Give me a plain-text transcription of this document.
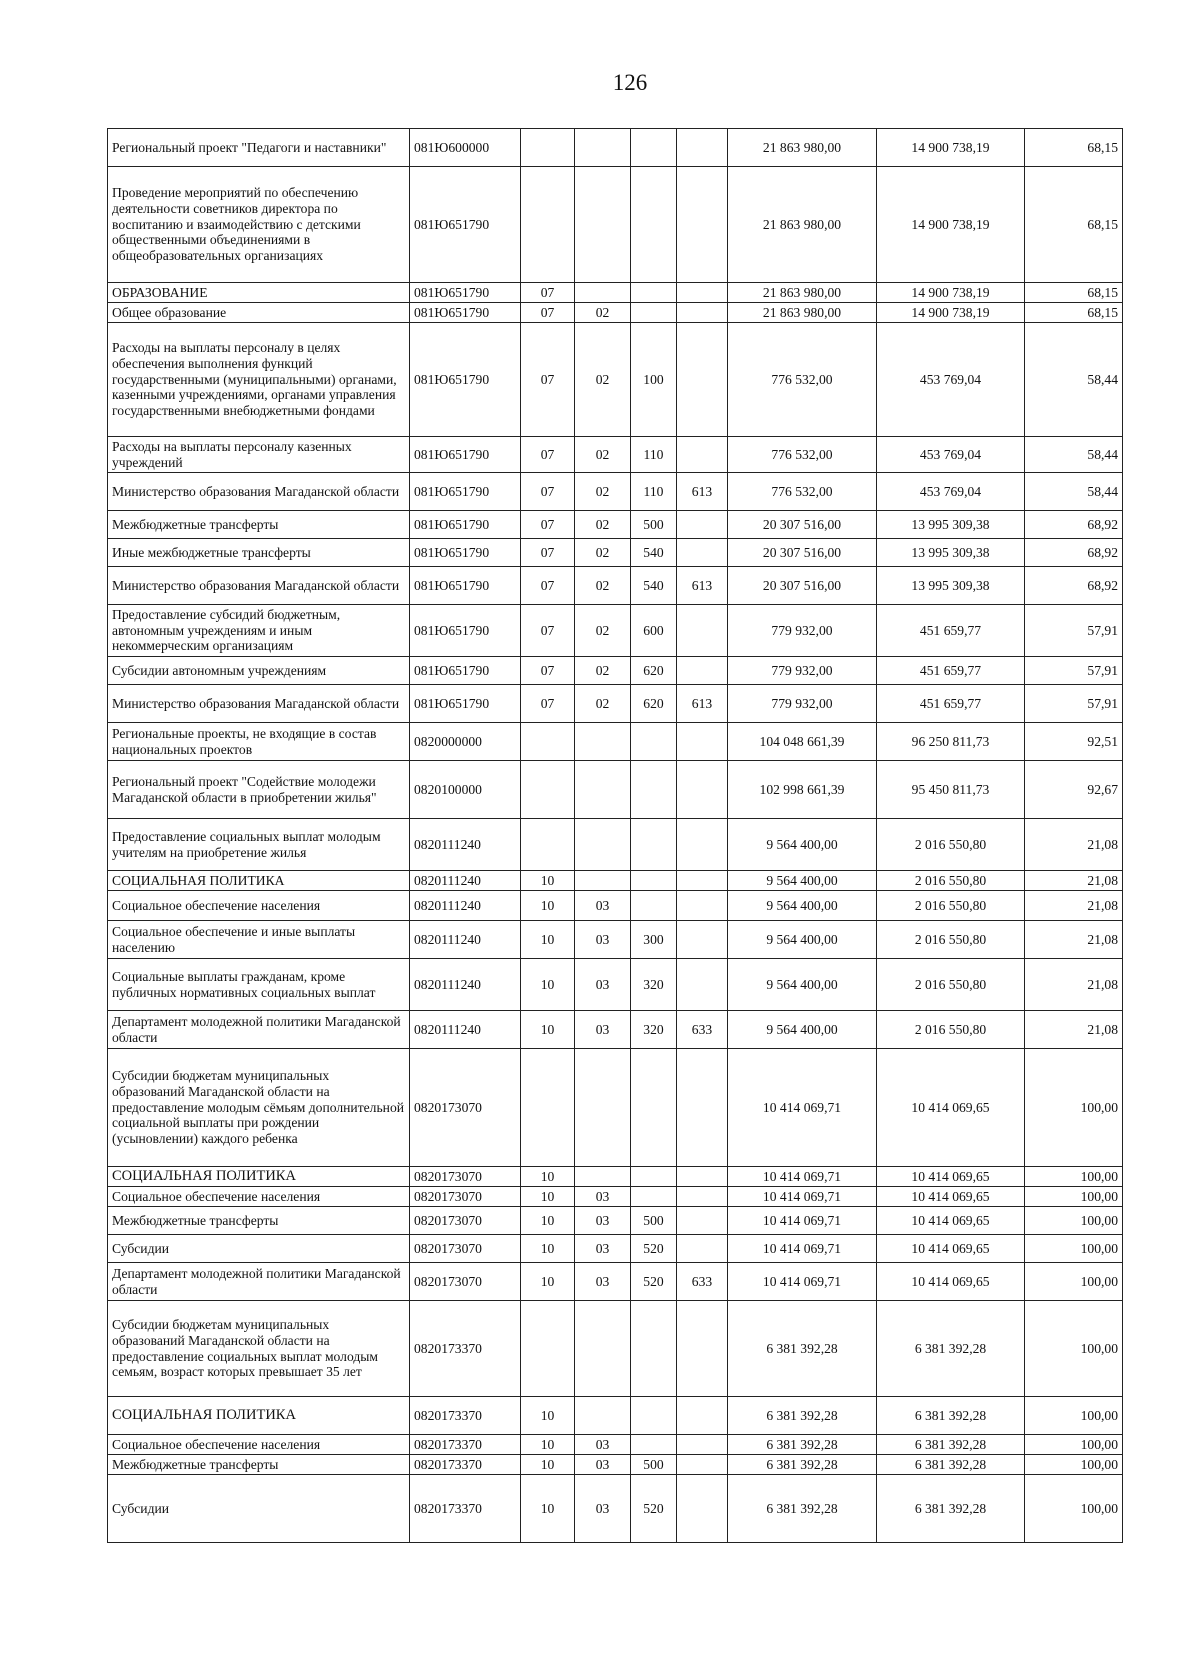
126
Региональный проект "Педагоги и наставники"	081Ю600000					21 863 980,00	14 900 738,19	68,15
Проведение мероприятий по обеспечению деятельности советников директора по воспитанию и взаимодействию с детскими общественными объединениями в общеобразовательных организациях	081Ю651790					21 863 980,00	14 900 738,19	68,15
ОБРАЗОВАНИЕ	081Ю651790	07				21 863 980,00	14 900 738,19	68,15
Общее образование	081Ю651790	07	02			21 863 980,00	14 900 738,19	68,15
Расходы на выплаты персоналу в целях обеспечения выполнения функций государственными (муниципальными) органами, казенными учреждениями, органами управления государственными внебюджетными фондами	081Ю651790	07	02	100		776 532,00	453 769,04	58,44
Расходы на выплаты персоналу казенных учреждений	081Ю651790	07	02	110		776 532,00	453 769,04	58,44
Министерство образования Магаданской области	081Ю651790	07	02	110	613	776 532,00	453 769,04	58,44
Межбюджетные трансферты	081Ю651790	07	02	500		20 307 516,00	13 995 309,38	68,92
Иные межбюджетные трансферты	081Ю651790	07	02	540		20 307 516,00	13 995 309,38	68,92
Министерство образования Магаданской области	081Ю651790	07	02	540	613	20 307 516,00	13 995 309,38	68,92
Предоставление субсидий бюджетным, автономным учреждениям и иным некоммерческим организациям	081Ю651790	07	02	600		779 932,00	451 659,77	57,91
Субсидии автономным учреждениям	081Ю651790	07	02	620		779 932,00	451 659,77	57,91
Министерство образования Магаданской области	081Ю651790	07	02	620	613	779 932,00	451 659,77	57,91
Региональные проекты, не входящие в состав национальных проектов	0820000000					104 048 661,39	96 250 811,73	92,51
Региональный проект "Содействие молодежи Магаданской области в приобретении жилья"	0820100000					102 998 661,39	95 450 811,73	92,67
Предоставление социальных выплат молодым учителям на приобретение жилья	0820111240					9 564 400,00	2 016 550,80	21,08
СОЦИАЛЬНАЯ ПОЛИТИКА	0820111240	10				9 564 400,00	2 016 550,80	21,08
Социальное обеспечение населения	0820111240	10	03			9 564 400,00	2 016 550,80	21,08
Социальное обеспечение и иные выплаты населению	0820111240	10	03	300		9 564 400,00	2 016 550,80	21,08
Социальные выплаты гражданам, кроме публичных нормативных социальных выплат	0820111240	10	03	320		9 564 400,00	2 016 550,80	21,08
Департамент молодежной политики Магаданской области	0820111240	10	03	320	633	9 564 400,00	2 016 550,80	21,08
Субсидии бюджетам муниципальных образований Магаданской области на предоставление молодым сёмьям дополнительной социальной выплаты при рождении (усыновлении) каждого ребенка	0820173070					10 414 069,71	10 414 069,65	100,00
СОЦИАЛЬНАЯ ПОЛИТИКА	0820173070	10				10 414 069,71	10 414 069,65	100,00
Социальное обеспечение населения	0820173070	10	03			10 414 069,71	10 414 069,65	100,00
Межбюджетные трансферты	0820173070	10	03	500		10 414 069,71	10 414 069,65	100,00
Субсидии	0820173070	10	03	520		10 414 069,71	10 414 069,65	100,00
Департамент молодежной политики Магаданской области	0820173070	10	03	520	633	10 414 069,71	10 414 069,65	100,00
Субсидии бюджетам муниципальных образований Магаданской области на предоставление социальных выплат молодым семьям, возраст которых превышает 35 лет	0820173370					6 381 392,28	6 381 392,28	100,00
СОЦИАЛЬНАЯ ПОЛИТИКА	0820173370	10				6 381 392,28	6 381 392,28	100,00
Социальное обеспечение населения	0820173370	10	03			6 381 392,28	6 381 392,28	100,00
Межбюджетные трансферты	0820173370	10	03	500		6 381 392,28	6 381 392,28	100,00
Субсидии	0820173370	10	03	520		6 381 392,28	6 381 392,28	100,00
